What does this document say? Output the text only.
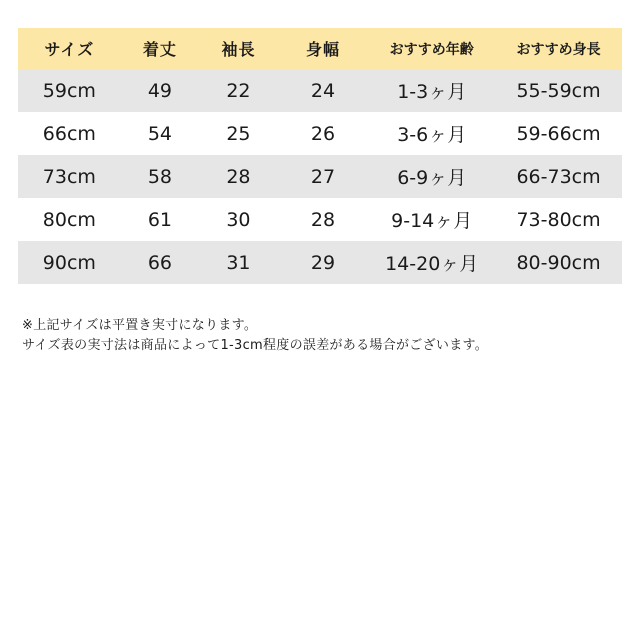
サイズ	着丈	袖長	身幅	おすすめ年齢	おすすめ身長
59cm	49	22	24	1-3ヶ月	55-59cm
66cm	54	25	26	3-6ヶ月	59-66cm
73cm	58	28	27	6-9ヶ月	66-73cm
80cm	61	30	28	9-14ヶ月	73-80cm
90cm	66	31	29	14-20ヶ月	80-90cm
※上記サイズは平置き実寸になります。
サイズ表の実寸法は商品によって1-3cm程度の誤差がある場合がございます。
